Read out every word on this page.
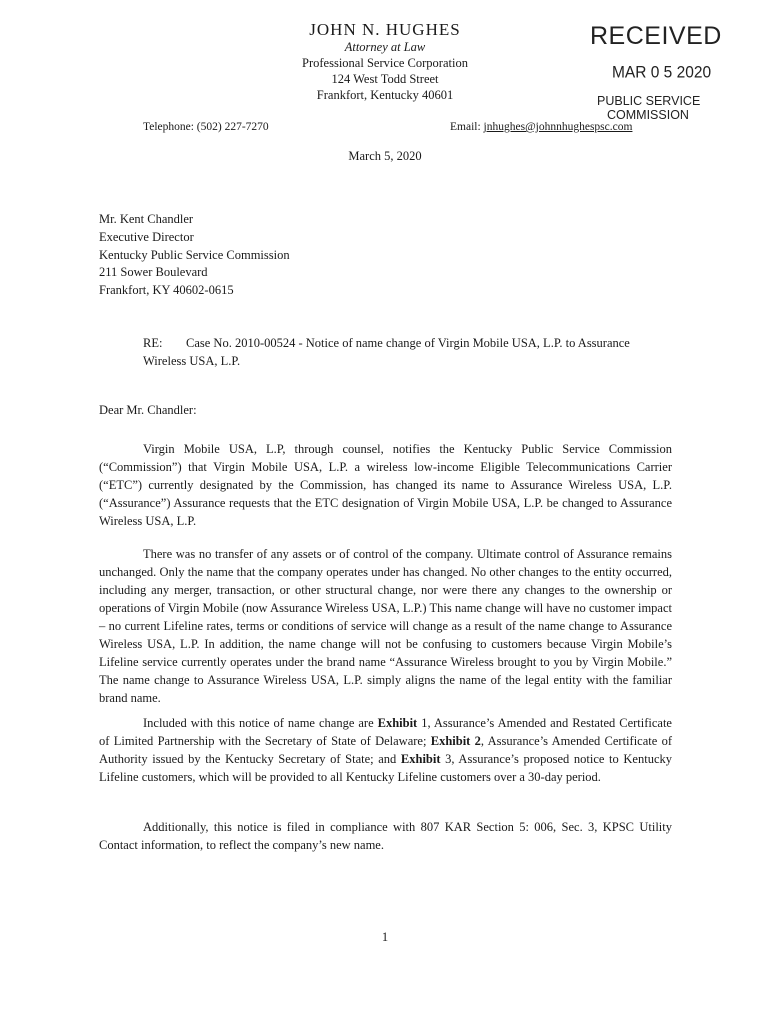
JOHN N. HUGHES
Attorney at Law
Professional Service Corporation
124 West Todd Street
Frankfort, Kentucky 40601
RECEIVED
MAR 0 5 2020
PUBLIC SERVICE
COMMISSION
Telephone: (502) 227-7270	Email: jnhughes@johnnhughespsc.com
March 5, 2020
Mr. Kent Chandler
Executive Director
Kentucky Public Service Commission
211 Sower Boulevard
Frankfort, KY 40602-0615
RE: Case No. 2010-00524 - Notice of name change of Virgin Mobile USA, L.P. to Assurance
Wireless USA, L.P.
Dear Mr. Chandler:

Virgin Mobile USA, L.P, through counsel, notifies the Kentucky Public Service Commission (“Commission”) that Virgin Mobile USA, L.P. a wireless low-income Eligible Telecommunications Carrier (“ETC”) currently designated by the Commission, has changed its name to Assurance Wireless USA, L.P. (“Assurance”) Assurance requests that the ETC designation of Virgin Mobile USA, L.P. be changed to Assurance Wireless USA, L.P.

There was no transfer of any assets or of control of the company. Ultimate control of Assurance remains unchanged. Only the name that the company operates under has changed. No other changes to the entity occurred, including any merger, transaction, or other structural change, nor were there any changes to the ownership or operations of Virgin Mobile (now Assurance Wireless USA, L.P.) This name change will have no customer impact – no current Lifeline rates, terms or conditions of service will change as a result of the name change to Assurance Wireless USA, L.P. In addition, the name change will not be confusing to customers because Virgin Mobile’s Lifeline service currently operates under the brand name “Assurance Wireless brought to you by Virgin Mobile.” The name change to Assurance Wireless USA, L.P. simply aligns the name of the legal entity with the familiar brand name.

Included with this notice of name change are Exhibit 1, Assurance’s Amended and Restated Certificate of Limited Partnership with the Secretary of State of Delaware; Exhibit 2, Assurance’s Amended Certificate of Authority issued by the Kentucky Secretary of State; and Exhibit 3, Assurance’s proposed notice to Kentucky Lifeline customers, which will be provided to all Kentucky Lifeline customers over a 30-day period.

Additionally, this notice is filed in compliance with 807 KAR Section 5: 006, Sec. 3, KPSC Utility Contact information, to reflect the company’s new name.

1
